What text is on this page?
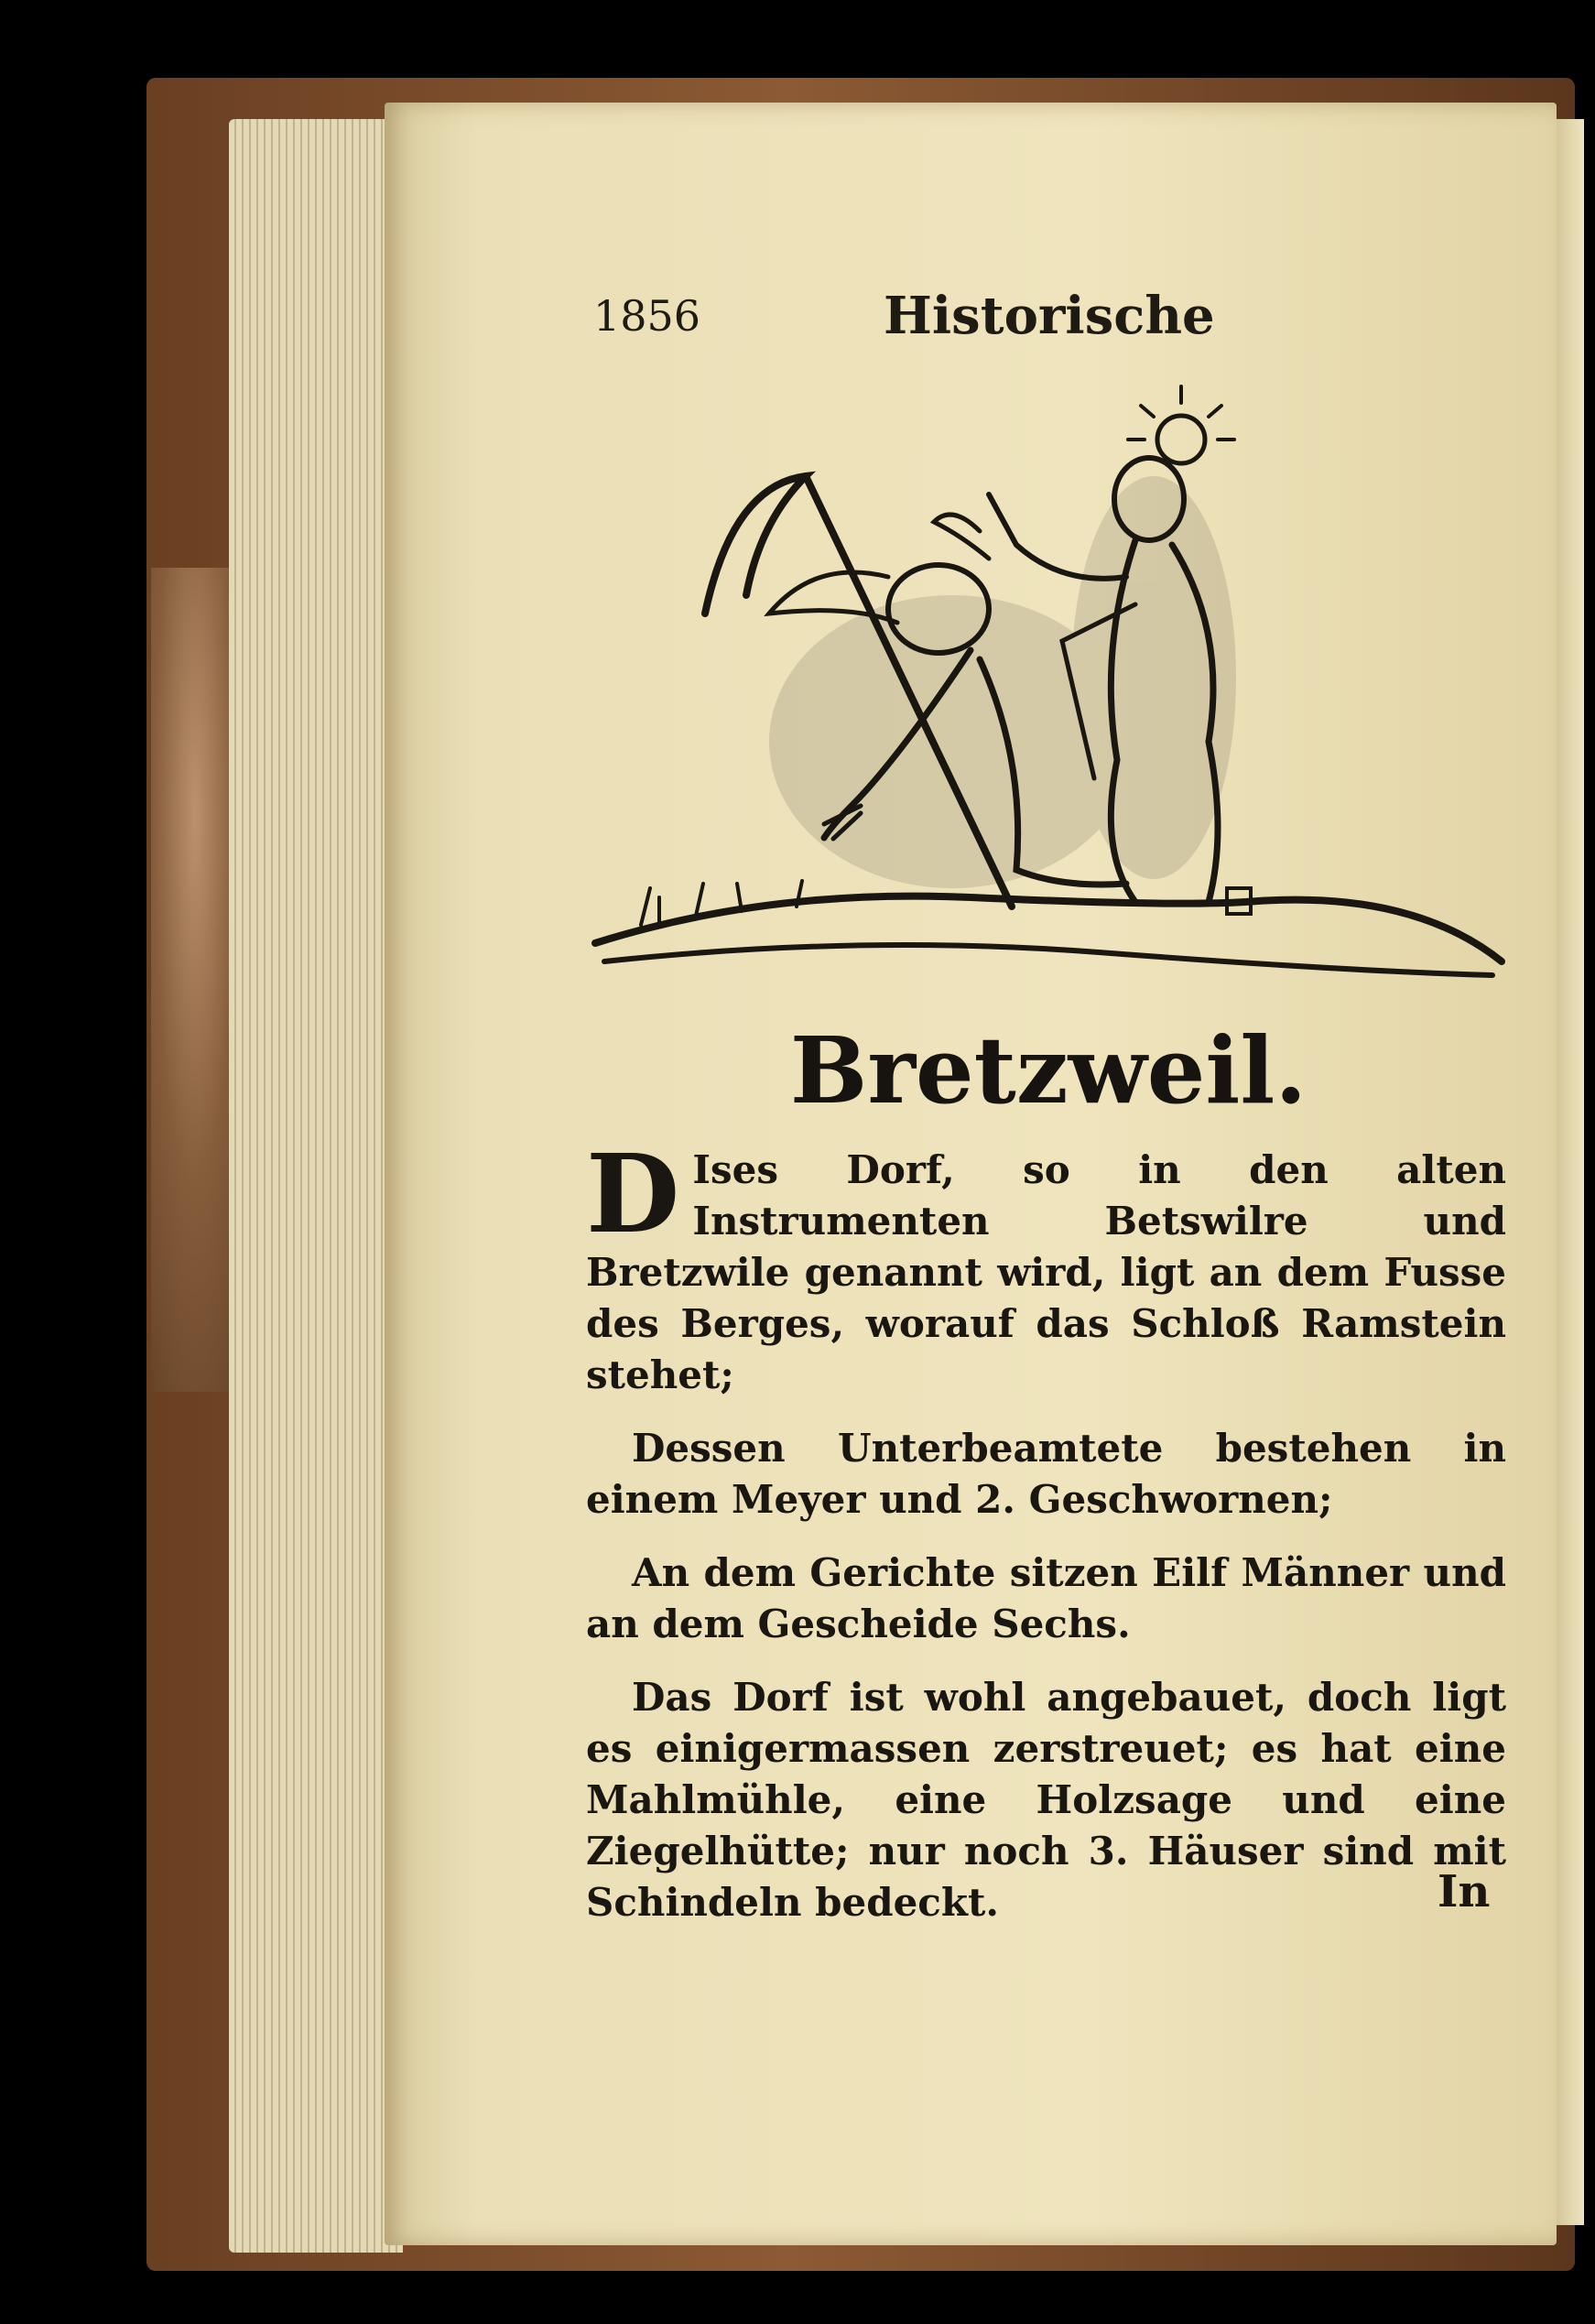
1856	Historische
Bretzweil.

D Ises Dorf, so in den alten Instrumenten Betswilre und Bretzwile genannt wird, ligt an dem Fusse des Berges, worauf das Schloß Ramstein stehet;

Dessen Unterbeamtete bestehen in einem Meyer und 2. Geschwornen;

An dem Gerichte sitzen Eilf Männer und an dem Gescheide Sechs.

Das Dorf ist wohl angebauet, doch ligt es einigermassen zerstreuet; es hat eine Mahlmühle, eine Holzsage und eine Ziegelhütte; nur noch 3. Häuser sind mit Schindeln bedeckt.	In
